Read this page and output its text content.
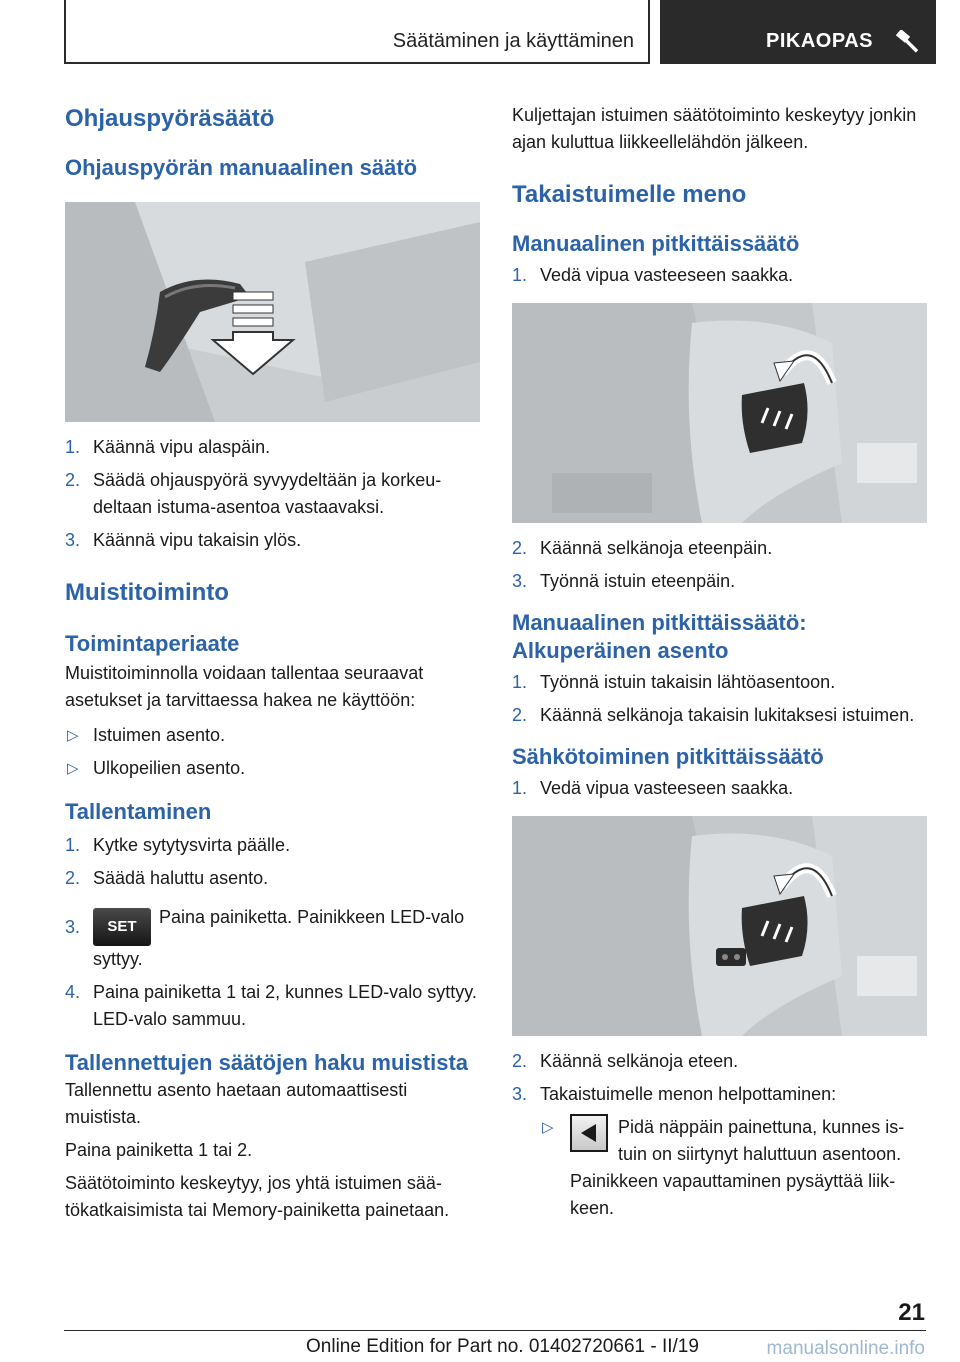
Säätäminen ja käyttäminen	PIKAOPAS
Ohjauspyöräsäätö
Ohjauspyörän manuaalinen säätö
1. Käännä vipu alaspäin.
2. Säädä ohjauspyörä syvyydeltään ja korkeudeltaan istuma-asentoa vastaavaksi.
3. Käännä vipu takaisin ylös.
Muistitoiminto
Toimintaperiaate

Muistitoiminnolla voidaan tallentaa seuraavat asetukset ja tarvittaessa hakea ne käyttöön:

▷ Istuimen asento.
▷ Ulkopeilien asento.
Tallentaminen
1. Kytke sytytysvirta päälle.
2. Säädä haluttu asento.
3. SET Paina painiketta. Painikkeen LED-valo syttyy.
4. Paina painiketta 1 tai 2, kunnes LED-valo syttyy. LED-valo sammuu.
Tallennettujen säätöjen haku muistista

Tallennettu asento haetaan automaattisesti muistista.

Paina painiketta 1 tai 2.

Säätötoiminto keskeytyy, jos yhtä istuimen säätökatkaisimista tai Memory-painiketta painetaan.

Kuljettajan istuimen säätötoiminto keskeytyy jonkin ajan kuluttua liikkeellelähdön jälkeen.

Takaistuimelle meno
Manuaalinen pitkittäissäätö
1. Vedä vipua vasteeseen saakka.
2. Käännä selkänoja eteenpäin.
3. Työnnä istuin eteenpäin.
Manuaalinen pitkittäissäätö: Alkuperäinen asento
1. Työnnä istuin takaisin lähtöasentoon.
2. Käännä selkänoja takaisin lukitaksesi istuimen.
Sähkötoiminen pitkittäissäätö
1. Vedä vipua vasteeseen saakka.
2. Käännä selkänoja eteen.
3. Takaistuimelle menon helpottaminen:
▷	Pidä näppäin painettuna, kunnes istuin on siirtynyt haluttuun asentoon. Painikkeen vapauttaminen pysäyttää liikkeen.
21
Online Edition for Part no. 01402720661 - II/19	manualsonline.info
